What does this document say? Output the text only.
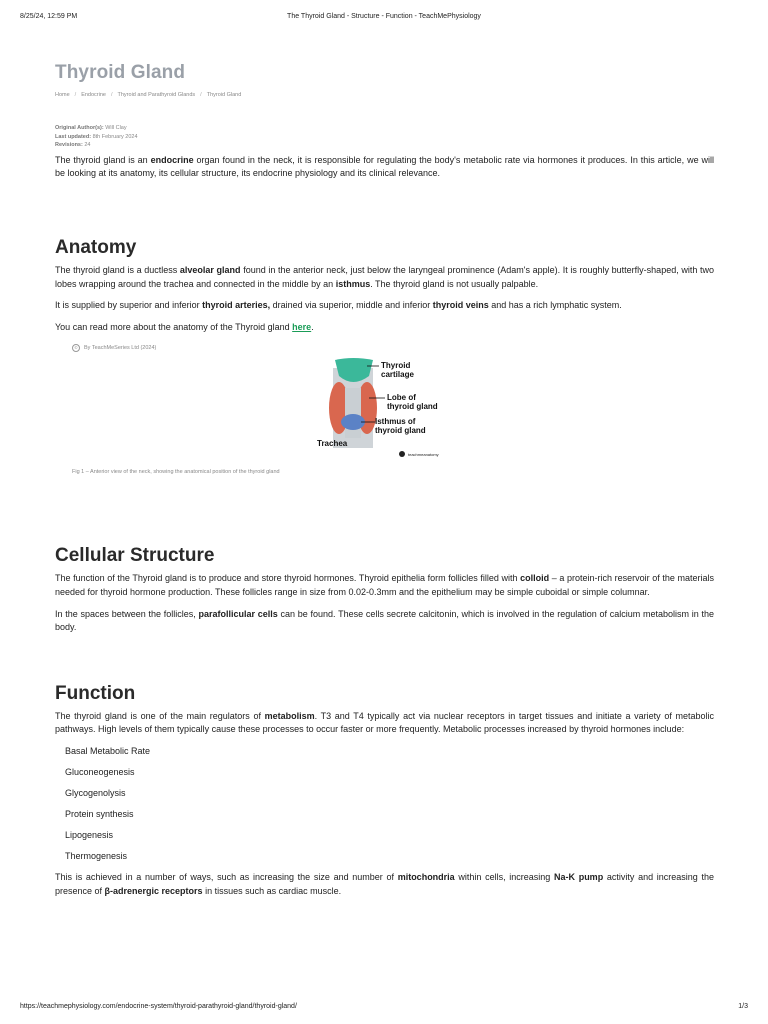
8/25/24, 12:59 PM	The Thyroid Gland - Structure - Function - TeachMePhysiology
Thyroid Gland
Home / Endocrine / Thyroid and Parathyroid Glands / Thyroid Gland
Original Author(s): Will Clay
Last updated: 8th February 2024
Revisions: 24

The thyroid gland is an endocrine organ found in the neck, it is responsible for regulating the body's metabolic rate via hormones it produces. In this article, we will be looking at its anatomy, its cellular structure, its endocrine physiology and its clinical relevance.

Anatomy

The thyroid gland is a ductless alveolar gland found in the anterior neck, just below the laryngeal prominence (Adam's apple). It is roughly butterfly-shaped, with two lobes wrapping around the trachea and connected in the middle by an isthmus. The thyroid gland is not usually palpable.

It is supplied by superior and inferior thyroid arteries, drained via superior, middle and inferior thyroid veins and has a rich lymphatic system.

You can read more about the anatomy of the Thyroid gland here.

©	By TeachMeSeries Ltd (2024)
Thyroid
cartilage
Lobe of
thyroid gland
Isthmus of
thyroid gland
Trachea
teachmeanatomy
Fig 1 – Anterior view of the neck, showing the anatomical position of the thyroid gland
Cellular Structure

The function of the Thyroid gland is to produce and store thyroid hormones. Thyroid epithelia form follicles filled with colloid – a protein-rich reservoir of the materials needed for thyroid hormone production. These follicles range in size from 0.02-0.3mm and the epithelium may be simple cuboidal or simple columnar.

In the spaces between the follicles, parafollicular cells can be found. These cells secrete calcitonin, which is involved in the regulation of calcium metabolism in the body.

Function

The thyroid gland is one of the main regulators of metabolism. T3 and T4 typically act via nuclear receptors in target tissues and initiate a variety of metabolic pathways. High levels of them typically cause these processes to occur faster or more frequently. Metabolic processes increased by thyroid hormones include:

Basal Metabolic Rate
Gluconeogenesis
Glycogenolysis
Protein synthesis
Lipogenesis
Thermogenesis

This is achieved in a number of ways, such as increasing the size and number of mitochondria within cells, increasing Na-K pump activity and increasing the presence of β-adrenergic receptors in tissues such as cardiac muscle.

https://teachmephysiology.com/endocrine-system/thyroid-parathyroid-gland/thyroid-gland/	1/3
